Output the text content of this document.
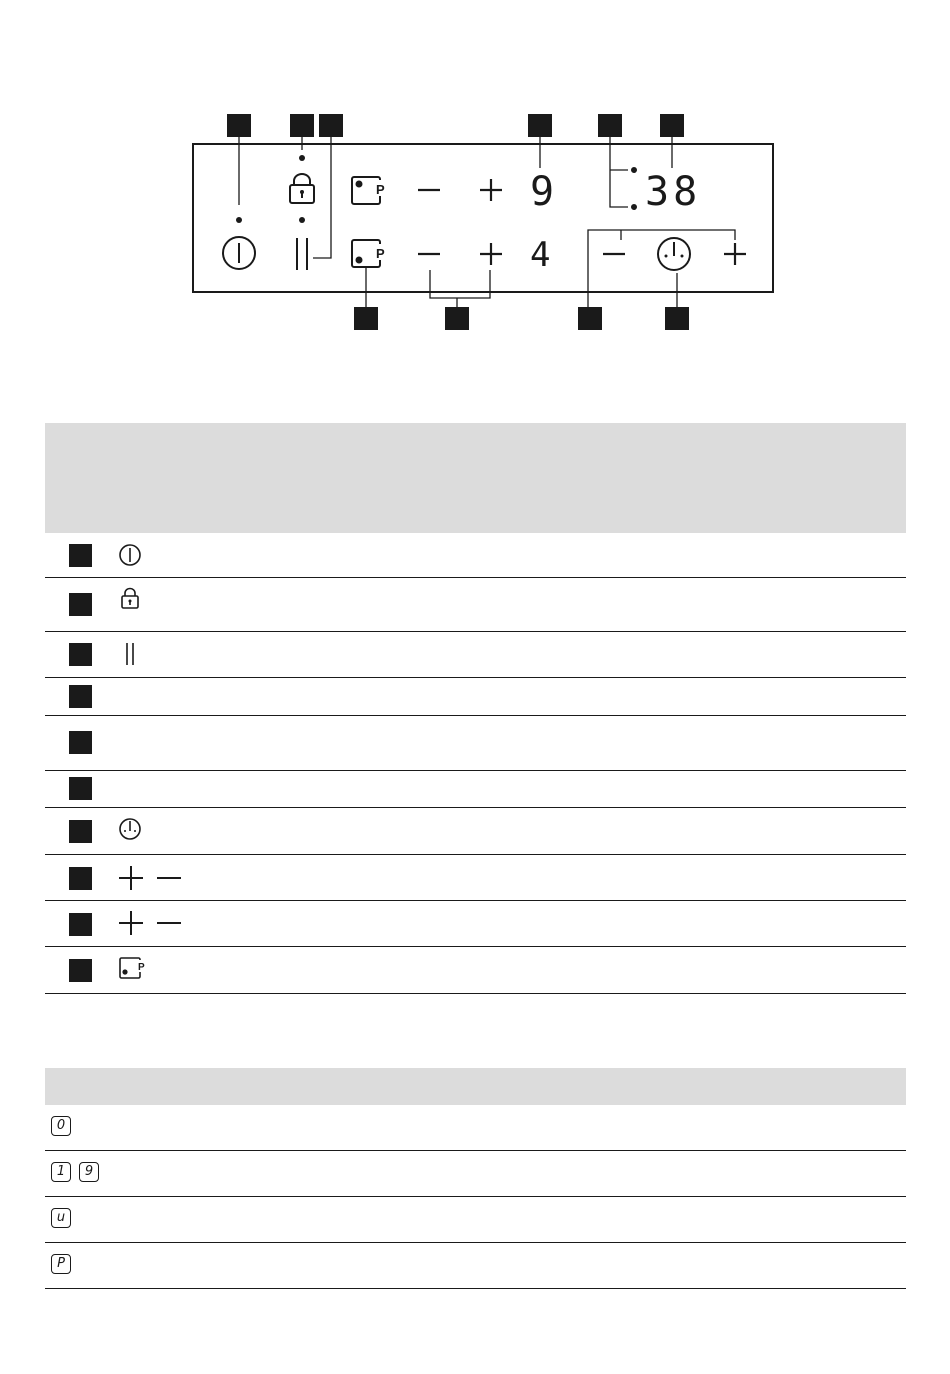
P
P
9
4
38
P
0
1	9
u
P
